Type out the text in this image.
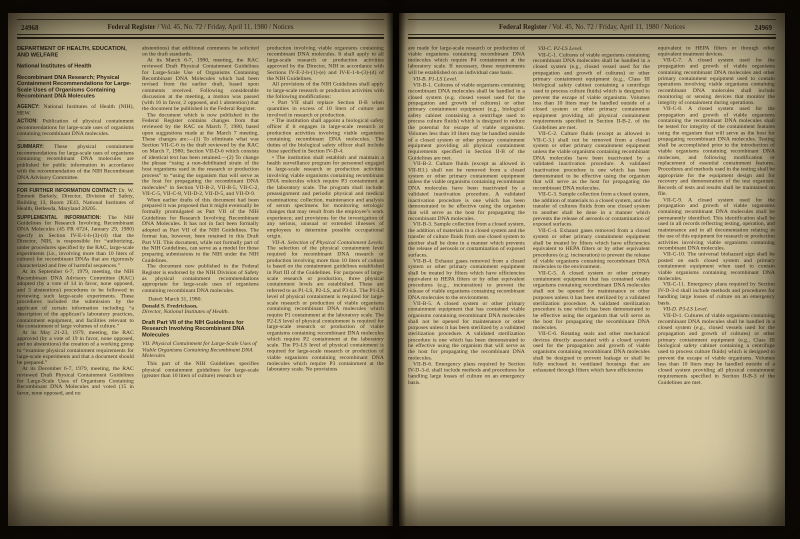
24968	Federal Register / Vol. 45, No. 72 / Friday, April 11, 1980 / Notices

DEPARTMENT OF HEALTH, EDUCATION, AND WELFARE

National Institutes of Health

Recombinant DNA Research; Physical Containment Recommendations for Large-Scale Uses of Organisms Containing Recombinant DNA Molecules

AGENCY: National Institutes of Health (NIH), HEW.

ACTION: Publication of physical containment recommendations for large-scale uses of organisms containing recombinant DNA molecules.

SUMMARY: These physical containment recommendations for large-scale uses of organisms containing recombinant DNA molecules are published for public information in accordance with the recommendation of the NIH Recombinant DNA Advisory Committee.

FOR FURTHER INFORMATION CONTACT: Dr. W. Emmett Barkely, Director, Division of Safety, Building 13, Room 2E43, National Institutes of Health, Bethesda, Maryland 20205.

SUPPLEMENTAL INFORMATION: The NIH Guidelines for Research Involving Recombinant DNA Molecules (45 FR 6724, January 29, 1980) specify in Section IV-E-1-b-(3)-(d) that the Director, NIH, is responsible for “authorizing, under procedures specified by the RAC, large-scale experiments (i.e., involving more than 10 liters of culture) for recombinant DNAs that are rigorously characterized and free of harmful sequences.”

At its September 6-7, 1979, meeting, the NIH Recombinant DNA Advisory Committee (RAC) adopted (by a vote of 14 in favor, none opposed, and 3 abstentions) procedures to be followed in reviewing such large-scale experiments. These procedures included the submission by the applicant of certain information including “a description of the applicant’s laboratory practices, containment equipment, and facilities relevant to the containment of large volumes of culture.”

At its May 21-23, 1979, meeting, the RAC approved (by a vote of 19 in favor, none opposed, and no abstentions) the creation of a working group to “examine physical containment requirements for large-scale experiments and that a document should be prepared.”

At its December 6-7, 1979, meeting, the RAC reviewed Draft Physical Containment Guidelines for Large-Scale Uses of Organisms Containing Recombinant DNA Molecules and voted (15 in favor, none opposed, and no

abstentions) that additional comments be solicited on the draft standards.

At its March 6-7, 1980, meeting, the RAC reviewed Draft Physical Containment Guidelines for Large-Scale Use of Organisms Containing Recombinant DNA Molecules which had been revised from the earlier draft, based upon comments received. Following considerable discussion at the meeting, a motion was passed (with 16 in favor, 2 opposed, and 1 abstention) that the document be published in the Federal Register.

The document which is now published in the Federal Register contains changes from that reviewed by the RAC on March 7, 1980, based upon suggestions made at the March 7 meeting. These changes are:—(1) To eliminate what was Section VII-C-6 in the draft reviewed by the RAC on March 7, 1980; Section VII-D-6 which consists of identical text has been retained.—(2) To change the phrase “using a non-debilitated strain of the host organisms used in the research or production process” to “using the organism that will serve as the host for propagating the recombinant DNA molecules” in Section VII-B-2, VII-B-5, VII-C-2, VII-C-5, VII-C-8, VII-D-2, VII-D-5, and VII-D-9.

When earlier drafts of this document had been prepared it was proposed that it might eventually be formally promulgated as Part VII of the NIH Guidelines for Research Involving Recombinant DNA Molecules. It has not in fact been formally adopted as Part VII of the NIH Guidelines. The format has, however, been retained in this Draft Part VII. This document, while not formally part of the NIH Guidelines, can serve as a model for those preparing submissions to the NIH under the NIH Guidelines.

The document now published in the Federal Register is endorsed by the NIH Division of Safety as physical containment recommendations appropriate for large-scale uses of organisms containing recombinant DNA molecules.

Dated: March 31, 1980.

Donald S. Fredrickson,

Director, National Institutes of Health.

Draft Part VII of the NIH Guidelines for Research Involving Recombinant DNA Molecules

VII. Physical Containment for Large-Scale Uses of Viable Organisms Containing Recombinant DNA Molecules

This part of the NIH Guidelines specifies physical containment guidelines for large-scale (greater than 10 liters of culture) research or

production involving viable organisms containing recombinant DNA molecules. It shall apply to all large-scale research or production activities approved by the Director, NIH in accordance with Sections IV-E-2-b-(1)-(e) and IV-E-1-b-(3)-(d) of the NIH Guidelines.

All provisions of the NIH Guidelines shall apply to large-scale research or production activities with the following modifications:

• Part VII shall replace Section II-B when quantities in excess of 10 liters of culture are involved in research or production.

• The institution shall appoint a biological safety officer if it engages in large-scale research or production activities involving viable organisms containing recombinant DNA molecules. The duties of the biological safety officer shall include those specified in Section IV-D-4.

• The institution shall establish and maintain a health surveillance program for personnel engaged in large-scale research or production activities involving viable organisms containing recombinant DNA molecules which require P3 containment at the laboratory scale. The program shall include: preassignment and periodic physical and medical examinations; collection, maintenance and analysis of serum specimens for monitoring serologic changes that may result from the employee’s work experience; and provisions for the investigation of any serious, unusual or extended illnesses of employees to determine possible occupational origin.

VII-A. Selection of Physical Containment Levels. The selection of the physical containment level required for recombinant DNA research or production involving more than 10 liters of culture is based on the containment guidelines established in Part III of the Guidelines. For purposes of large-scale research or production, three physical containment levels are established. These are referred to as P1-LS, P2-LS, and P3-LS. The P1-LS level of physical containment is required for large-scale research or production of viable organisms containing recombinant DNA molecules which require P1 containment at the laboratory scale. The P2-LS level of physical containment is required for large-scale research or production of viable organisms containing recombinant DNA molecules which require P2 containment at the laboratory scale. The P3-LS level of physical containment is required for large-scale research or production of viable organisms containing recombinant DNA molecules which require P3 containment at the laboratory scale. No provisions

Federal Register / Vol. 45, No. 72 / Friday, April 11, 1980 / Notices	24969

are made for large-scale research or production of viable organisms containing recombinant DNA molecules which require P4 containment at the laboratory scale. If necessary, these requirements will be established on an individual case basis.

VII-B. P1-LS Level.

VII-B-1. Cultures of viable organisms containing recombinant DNA molecules shall be handled in a closed system (e.g. closed vessel used for the propagation and growth of cultures) or other primary containment equipment (e.g., biological safety cabinet containing a centrifuge used to process culture fluids) which is designed to reduce the potential for escape of viable organisms. Volumes less than 10 liters may be handled outside of a closed system or other primary containment equipment providing all physical containment requirements specified in Section II-B of the Guidelines are met.

VII-B-2. Culture fluids (except as allowed in VII-B3.) shall not be removed from a closed system or other primary containment equipment unless the viable organisms containing recombinant DNA molecules have been inactivated by a validated inactivation procedure. A validated inactivation procedure is one which has been demonstrated to be effective using the organism that will serve as the host for propagating the recombinant DNA molecules.

VII-B-3. Sample collection from a closed system, the addition of materials to a closed system and the transfer of culture fluids from one closed system to another shall be done in a manner which prevents the release of aerosols or contamination of exposed surfaces.

VII-B-4. Exhaust gases removed from a closed system or other primary containment equipment shall be treated by filters which have efficiencies equivalent to HEPA filters or by other equivalent procedures (e.g., incineration) to prevent the release of viable organisms containing recombinant DNA molecules to the environment.

VII-B-5. A closed system or other primary containment equipment that has contained viable organisms containing recombinant DNA molecules shall not be opened for maintenance or other purposes unless it has been sterilized by a validated sterilization procedure. A validated sterilization procedure is one which has been demonstrated to be effective using the organism that will serve as the host for propagating the recombinant DNA molecules.

VII-B-6. Emergency plans required by Section IV-D-3-d. shall include methods and procedures for handling large losses of culture on an emergency basis.

VII-C. P2-LS Level.

VII-C-1. Cultures of viable organisms containing recombinant DNA molecules shall be handled in a closed system (e.g., closed vessel used for the propagation and growth of cultures) or other primary containment equipment (e.g., Class III biological safety cabinet containing a centrifuge used to process culture fluids) which is designed to prevent the escape of viable organisms. Volumes less than 10 liters may be handled outside of a closed system or other primary containment equipment providing all physical containment requirements specified in Section II-B-2. of the Guidelines are met.

VII-C-2. Culture fluids (except as allowed in VII-C-3.) shall not be removed from a closed system or other primary containment equipment unless the viable organisms containing recombinant DNA molecules have been inactivated by a validated inactivation procedure. A validated inactivation procedure is one which has been demonstrated to be effective using the organism that will serve as the host for propagating the recombinant DNA molecules.

VII-C-3. Sample collection from a closed system, the addition of materials to a closed system, and the transfer of cultures fluids from one closed system to another shall be done in a manner which prevents the release of aerosols or contamination of exposed surfaces.

VII-C-4. Exhaust gases removed from a closed system or other primary containment equipment shall be treated by filters which have efficiencies equivalent to HEPA filters or by other equivalent procedures (e.g. incineration) to prevent the release of viable organisms containing recombinant DNA molecules to the environment.

VII-C-5. A closed system or other primary containment equipment that has contained viable organisms containing recombinant DNA molecules shall not be opened for maintenance or other purposes unless it has been sterilized by a validated sterilization procedure. A validated sterilization procedure is one which has been demonstrated to be effective using the organism that will serve as the host for propagating the recombinant DNA molecules.

VII-C-6. Rotating seals and other mechanical devices directly associated with a closed system used for the propagation and growth of viable organisms containing recombinant DNA molecules shall be designed to prevent leakage or shall be fully enclosed in ventilated housings that are exhausted through filters which have efficiencies

equivalent to HEPA filters or through other equivalent treatment devices.

VII-C-7. A closed system used for the propagation and growth of viable organisms containing recombinant DNA molecules and other primary containment equipment used to contain operations involving viable organisms containing recombinant DNA molecules shall include monitoring or sensing devices that monitor the integrity of containment during operations.

VII-C-8. A closed system used for the propagation and growth of viable organisms containing the recombinant DNA molecules shall be tested for integrity of the containment features using the organism that will serve as the host for propagating recombinant DNA molecules. Testing shall be accomplished prior to the introduction of viable organisms containing recombinant DNA molecues, and following modification or replacement of essential containment features. Procedures and methods used in the testing shall be appropriate for the equipment design and for recovery and demonstration of the test organism. Records of tests and results shall be maintained on file.

VII-C-9. A closed system used for the propagation and growth of viable organisms containing recombinant DNA molecules shall be permanently identified. This identification shall be used in all records reflecting testing, operation, and maintenance and in all documentation relating to the use of this equipment for research or production activities involving viable organisms containing recombinant DNA molecules.

VII-C-10. The universal biohazard sign shall be posted on each closed system and primary containment equipment when used to contain viable organisms containing recombinant DNA molecules.

VII-C-11. Emergency plans required by Section IV-D-3-d shall include methods and procedures for handling large losses of culture on an emergency basis.

VII-D. P3-LS Level.

VII-D-1. Cultures of viable organisms containing recombinant DNA molecules shall be handled in a closed system (e.g., closed vessels used for the propagation and growth of cultures) or other primary containment equipment (e.g., Class III biological safety cabinet containing a centrifuge used to process culture fluids) which is designed to prevent the escape of viable organisms. Volumes less than 10 liters may be handled outside of a closed system providing all physical containment requirements specified in Section II-B-3 of the Guidelines are met.
